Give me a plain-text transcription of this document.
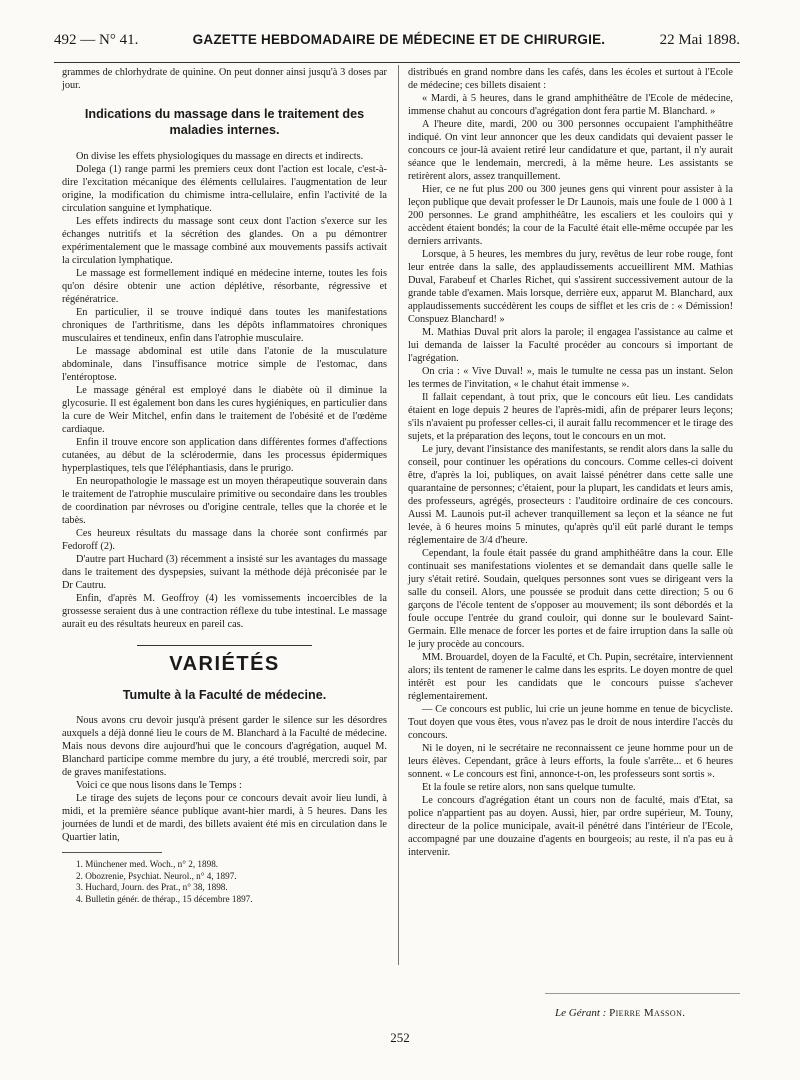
492 — N° 41.	GAZETTE HEBDOMADAIRE DE MÉDECINE ET DE CHIRURGIE.	22 Mai 1898.

grammes de chlorhydrate de quinine. On peut donner ainsi jusqu'à 3 doses par jour.

Indications du massage dans le traitement des maladies internes.

On divise les effets physiologiques du massage en directs et indirects.

Dolega (1) range parmi les premiers ceux dont l'action est locale, c'est-à-dire l'excitation mécanique des éléments cellulaires. l'augmentation de leur origine, la modification du chimisme intra-cellulaire, enfin l'activité de la circulation sanguine et lymphatique.

Les effets indirects du massage sont ceux dont l'action s'exerce sur les échanges nutritifs et la sécrétion des glandes. On a pu démontrer expérimentalement que le massage combiné aux mouvements passifs activait la circulation lymphatique.

Le massage est formellement indiqué en médecine interne, toutes les fois qu'on désire obtenir une action déplétive, résorbante, régressive et régénératrice.

En particulier, il se trouve indiqué dans toutes les manifestations chroniques de l'arthritisme, dans les dépôts inflammatoires chroniques musculaires et tendineux, enfin dans l'atrophie musculaire.

Le massage abdominal est utile dans l'atonie de la musculature abdominale, dans l'insuffisance motrice simple de l'estomac, dans l'entéroptose.

Le massage général est employé dans le diabète où il diminue la glycosurie. Il est également bon dans les cures hygiéniques, en particulier dans la cure de Weir Mitchel, enfin dans le traitement de l'obésité et de l'œdème cardiaque.

Enfin il trouve encore son application dans différentes formes d'affections cutanées, au début de la sclérodermie, dans les processus épidermiques hyperplastiques, tels que l'éléphantiasis, dans le prurigo.

En neuropathologie le massage est un moyen thérapeutique souverain dans le traitement de l'atrophie musculaire primitive ou secondaire dans les troubles de coordination par névroses ou d'origine centrale, telles que la chorée et le tabès.

Ces heureux résultats du massage dans la chorée sont confirmés par Fedoroff (2).

D'autre part Huchard (3) récemment a insisté sur les avantages du massage dans le traitement des dyspepsies, suivant la méthode déjà préconisée par le Dr Cautru.

Enfin, d'après M. Geoffroy (4) les vomissements incoercibles de la grossesse seraient dus à une contraction réflexe du tube intestinal. Le massage aurait eu des résultats heureux en pareil cas.

VARIÉTÉS
Tumulte à la Faculté de médecine.

Nous avons cru devoir jusqu'à présent garder le silence sur les désordres auxquels a déjà donné lieu le cours de M. Blanchard à la Faculté de médecine. Mais nous devons dire aujourd'hui que le concours d'agrégation, auquel M. Blanchard participe comme membre du jury, a été troublé, mercredi soir, par de graves manifestations.

Voici ce que nous lisons dans le Temps :

Le tirage des sujets de leçons pour ce concours devait avoir lieu lundi, à midi, et la première séance publique avant-hier mardi, à 5 heures. Dans les journées de lundi et de mardi, des billets avaient été mis en circulation dans le Quartier latin,

1. Münchener med. Woch., n° 2, 1898.
2. Obozrenie, Psychiat. Neurol., n° 4, 1897.
3. Huchard, Journ. des Prat., n° 38, 1898.
4. Bulletin génér. de thérap., 15 décembre 1897.

distribués en grand nombre dans les cafés, dans les écoles et surtout à l'Ecole de médecine; ces billets disaient :

« Mardi, à 5 heures, dans le grand amphithéâtre de l'Ecole de médecine, immense chahut au concours d'agrégation dont fera partie M. Blanchard. »

A l'heure dite, mardi, 200 ou 300 personnes occupaient l'amphithéâtre indiqué. On vint leur annoncer que les deux candidats qui devaient passer le concours ce jour-là avaient retiré leur candidature et que, partant, il n'y aurait séance que le lendemain, mercredi, à la même heure. Les assistants se retirèrent alors, assez tranquillement.

Hier, ce ne fut plus 200 ou 300 jeunes gens qui vinrent pour assister à la leçon publique que devait professer le Dr Launois, mais une foule de 1 000 à 1 200 personnes. Le grand amphithéâtre, les escaliers et les couloirs qui y accèdent étaient bondés; la cour de la Faculté était elle-même occupée par les derniers arrivants.

Lorsque, à 5 heures, les membres du jury, revêtus de leur robe rouge, font leur entrée dans la salle, des applaudissements accueillirent MM. Mathias Duval, Farabeuf et Charles Richet, qui s'assirent successivement autour de la grande table d'examen. Mais lorsque, derrière eux, apparut M. Blanchard, aux applaudissements succédèrent les coups de sifflet et les cris de : « Démission! Conspuez Blanchard! »

M. Mathias Duval prit alors la parole; il engagea l'assistance au calme et lui demanda de laisser la Faculté procéder au concours si important de l'agrégation.

On cria : « Vive Duval! », mais le tumulte ne cessa pas un instant. Selon les termes de l'invitation, « le chahut était immense ».

Il fallait cependant, à tout prix, que le concours eût lieu. Les candidats étaient en loge depuis 2 heures de l'après-midi, afin de préparer leurs leçons; s'ils n'avaient pu professer celles-ci, il aurait fallu recommencer et le tirage des sujets, et la préparation des leçons, tout le concours en un mot.

Le jury, devant l'insistance des manifestants, se rendit alors dans la salle du conseil, pour continuer les opérations du concours. Comme celles-ci doivent être, d'après la loi, publiques, on avait laissé pénétrer dans cette salle une quarantaine de personnes; c'étaient, pour la plupart, les candidats et leurs amis, des professeurs, agrégés, prosecteurs : l'auditoire ordinaire de ces concours. Aussi M. Launois put-il achever tranquillement sa leçon et la séance ne fut levée, à 6 heures moins 5 minutes, qu'après qu'il eût parlé durant le temps réglementaire de 3/4 d'heure.

Cependant, la foule était passée du grand amphithéâtre dans la cour. Elle continuait ses manifestations violentes et se demandait dans quelle salle le jury s'était retiré. Soudain, quelques personnes sont vues se dirigeant vers la salle du conseil. Alors, une poussée se produit dans cette direction; 5 ou 6 garçons de l'école tentent de s'opposer au mouvement; ils sont débordés et la foule occupe l'entrée du grand couloir, qui donne sur le boulevard Saint-Germain. Elle menace de forcer les portes et de faire irruption dans la salle où le jury procède au concours.

MM. Brouardel, doyen de la Faculté, et Ch. Pupin, secrétaire, interviennent alors; ils tentent de ramener le calme dans les esprits. Le doyen montre de quel intérêt est pour les candidats que le concours puisse s'achever réglementairement.

— Ce concours est public, lui crie un jeune homme en tenue de bicycliste. Tout doyen que vous êtes, vous n'avez pas le droit de nous interdire l'accès du concours.

Ni le doyen, ni le secrétaire ne reconnaissent ce jeune homme pour un de leurs élèves. Cependant, grâce à leurs efforts, la foule s'arrête... et 6 heures sonnent. « Le concours est fini, annonce-t-on, les professeurs sont sortis ».

Et la foule se retire alors, non sans quelque tumulte.

Le concours d'agrégation étant un cours non de faculté, mais d'Etat, sa police n'appartient pas au doyen. Aussi, hier, par ordre supérieur, M. Touny, directeur de la police municipale, avait-il pénétré dans l'intérieur de l'Ecole, accompagné par une douzaine d'agents en bourgeois; au reste, il n'a pas eu à intervenir.

Le Gérant : Pierre Masson.
252
